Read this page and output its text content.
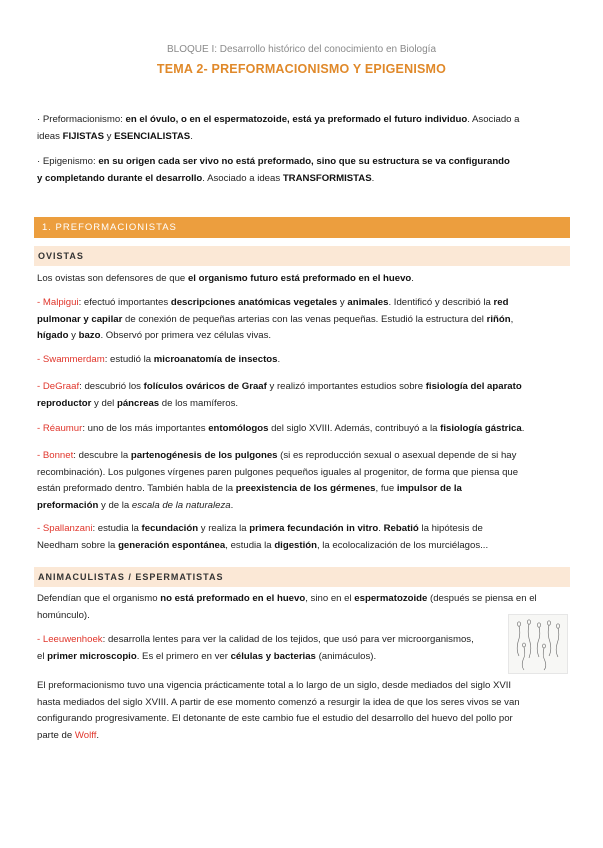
BLOQUE I: Desarrollo histórico del conocimiento en Biología
TEMA 2- PREFORMACIONISMO Y EPIGENISMO
· Preformacionismo: en el óvulo, o en el espermatozoide, está ya preformado el futuro individuo. Asociado a
ideas FIJISTAS y ESENCIALISTAS.
· Epigenismo: en su origen cada ser vivo no está preformado, sino que su estructura se va configurando
y completando durante el desarrollo. Asociado a ideas TRANSFORMISTAS.
1. PREFORMACIONISTAS
OVISTAS
Los ovistas son defensores de que el organismo futuro está preformado en el huevo.
- Malpigui: efectuó importantes descripciones anatómicas vegetales y animales. Identificó y describió la red
pulmonar y capilar de conexión de pequeñas arterias con las venas pequeñas. Estudió la estructura del riñón,
hígado y bazo. Observó por primera vez células vivas.
- Swammerdam: estudió la microanatomía de insectos.
- DeGraaf: descubrió los folículos ováricos de Graaf y realizó importantes estudios sobre fisiología del aparato
reproductor y del páncreas de los mamíferos.
- Réaumur: uno de los más importantes entomólogos del siglo XVIII. Además, contribuyó a la fisiología gástrica.
- Bonnet: descubre la partenogénesis de los pulgones (si es reproducción sexual o asexual depende de si hay
recombinación). Los pulgones vírgenes paren pulgones pequeños iguales al progenitor, de forma que piensa que
están preformado dentro. También habla de la preexistencia de los gérmenes, fue impulsor de la
preformación y de la escala de la naturaleza.
- Spallanzani: estudia la fecundación y realiza la primera fecundación in vitro. Rebatió la hipótesis de
Needham sobre la generación espontánea, estudia la digestión, la ecolocalización de los murciélagos...
ANIMACULISTAS / ESPERMATISTAS
Defendían que el organismo no está preformado en el huevo, sino en el espermatozoide (después se piensa en el
homúnculo).
- Leeuwenhoek: desarrolla lentes para ver la calidad de los tejidos, que usó para ver microorganismos,
el primer microscopio. Es el primero en ver células y bacterias (animáculos).
El preformacionismo tuvo una vigencia prácticamente total a lo largo de un siglo, desde mediados del siglo XVII
hasta mediados del siglo XVIII. A partir de ese momento comenzó a resurgir la idea de que los seres vivos se van
configurando progresivamente. El detonante de este cambio fue el estudio del desarrollo del huevo del pollo por
parte de Wolff.
